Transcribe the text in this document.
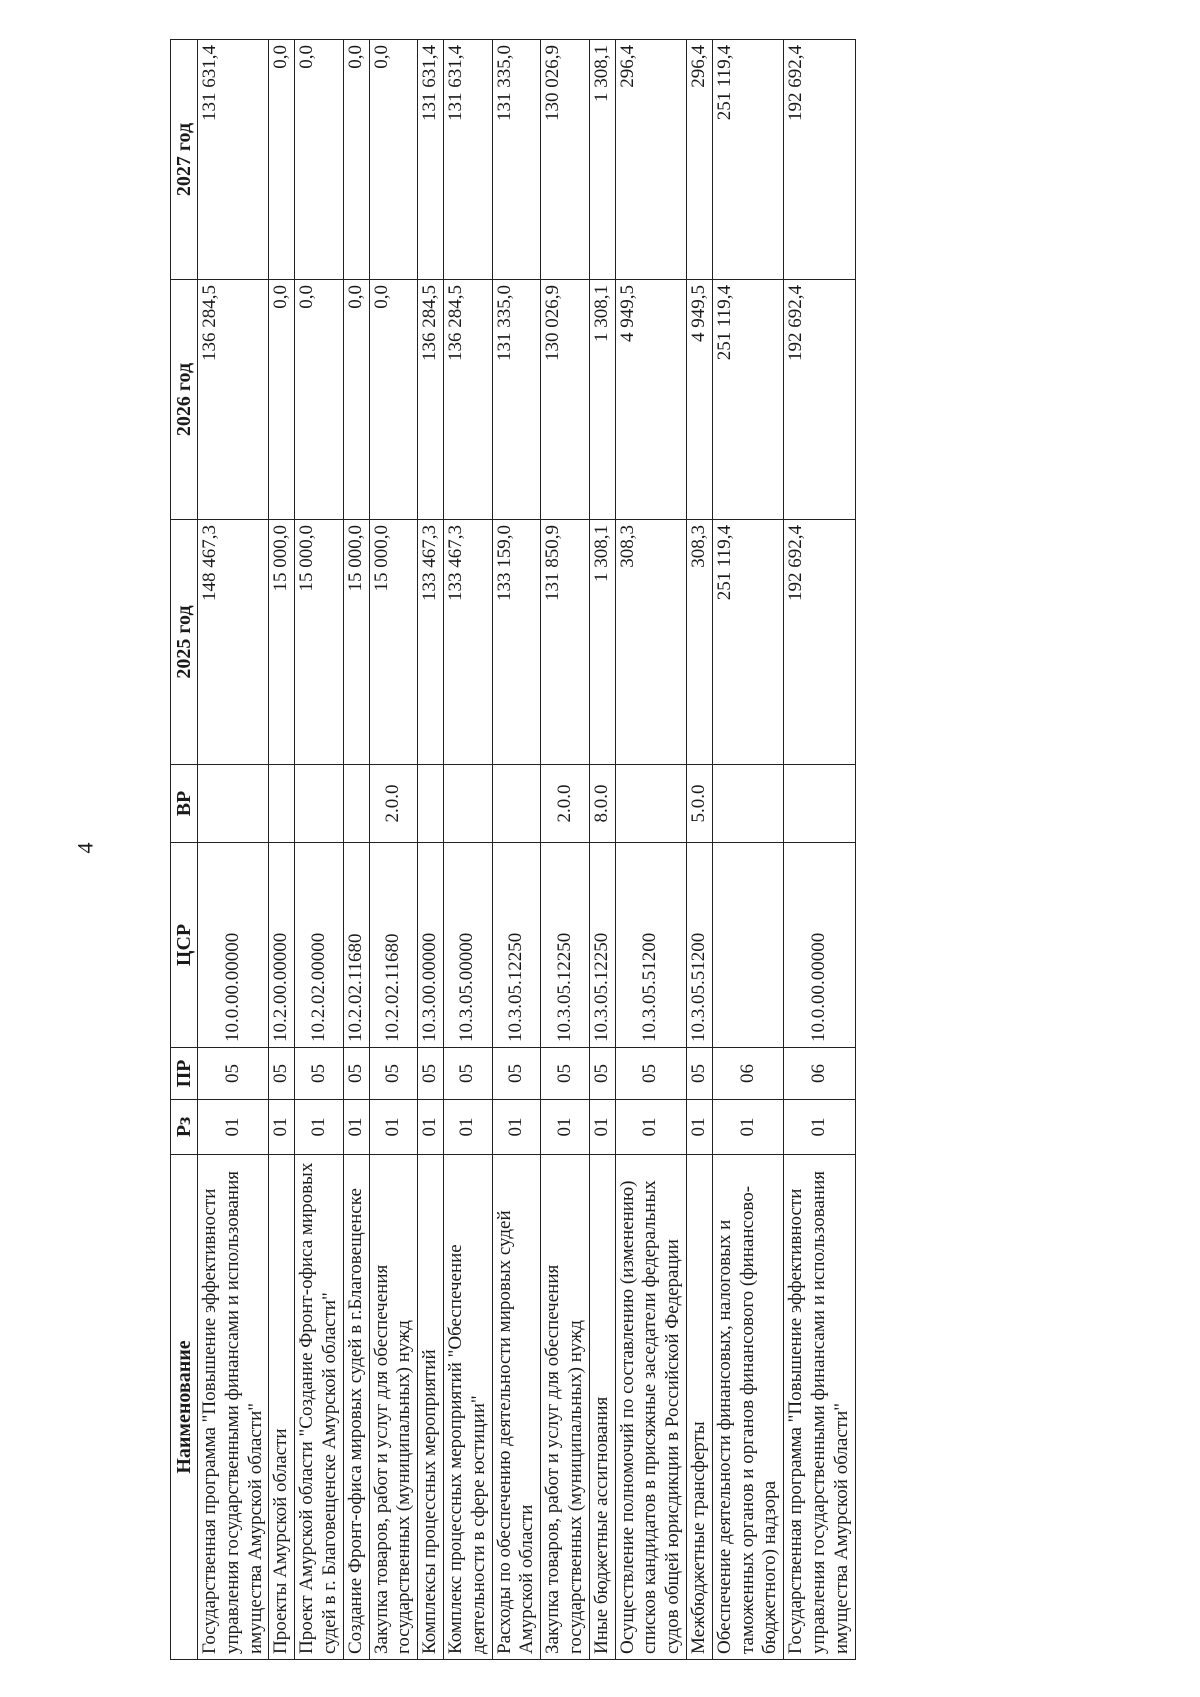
4
Наименование	Рз	ПР	ЦСР	ВР	2025 год	2026 год	2027 год
Государственная программа "Повышение эффективности управления государственными финансами и использования имущества Амурской области"	01	05	10.0.00.00000		148 467,3	136 284,5	131 631,4
Проекты Амурской области	01	05	10.2.00.00000		15 000,0	0,0	0,0
Проект Амурской области "Создание Фронт-офиса мировых судей в г. Благовещенске Амурской области"	01	05	10.2.02.00000		15 000,0	0,0	0,0
Создание Фронт-офиса мировых судей в г.Благовещенске	01	05	10.2.02.11680		15 000,0	0,0	0,0
Закупка товаров, работ и услуг для обеспечения государственных (муниципальных) нужд	01	05	10.2.02.11680	2.0.0	15 000,0	0,0	0,0
Комплексы процессных мероприятий	01	05	10.3.00.00000		133 467,3	136 284,5	131 631,4
Комплекс процессных мероприятий "Обеспечение деятельности в сфере юстиции"	01	05	10.3.05.00000		133 467,3	136 284,5	131 631,4
Расходы по обеспечению деятельности мировых судей Амурской области	01	05	10.3.05.12250		133 159,0	131 335,0	131 335,0
Закупка товаров, работ и услуг для обеспечения государственных (муниципальных) нужд	01	05	10.3.05.12250	2.0.0	131 850,9	130 026,9	130 026,9
Иные бюджетные ассигнования	01	05	10.3.05.12250	8.0.0	1 308,1	1 308,1	1 308,1
Осуществление полномочий по составлению (изменению) списков кандидатов в присяжные заседатели федеральных судов общей юрисдикции в Российской Федерации	01	05	10.3.05.51200		308,3	4 949,5	296,4
Межбюджетные трансферты	01	05	10.3.05.51200	5.0.0	308,3	4 949,5	296,4
Обеспечение деятельности финансовых, налоговых и таможенных органов и органов финансового (финансово-бюджетного) надзора	01	06			251 119,4	251 119,4	251 119,4
Государственная программа "Повышение эффективности управления государственными финансами и использования имущества Амурской области"	01	06	10.0.00.00000		192 692,4	192 692,4	192 692,4
